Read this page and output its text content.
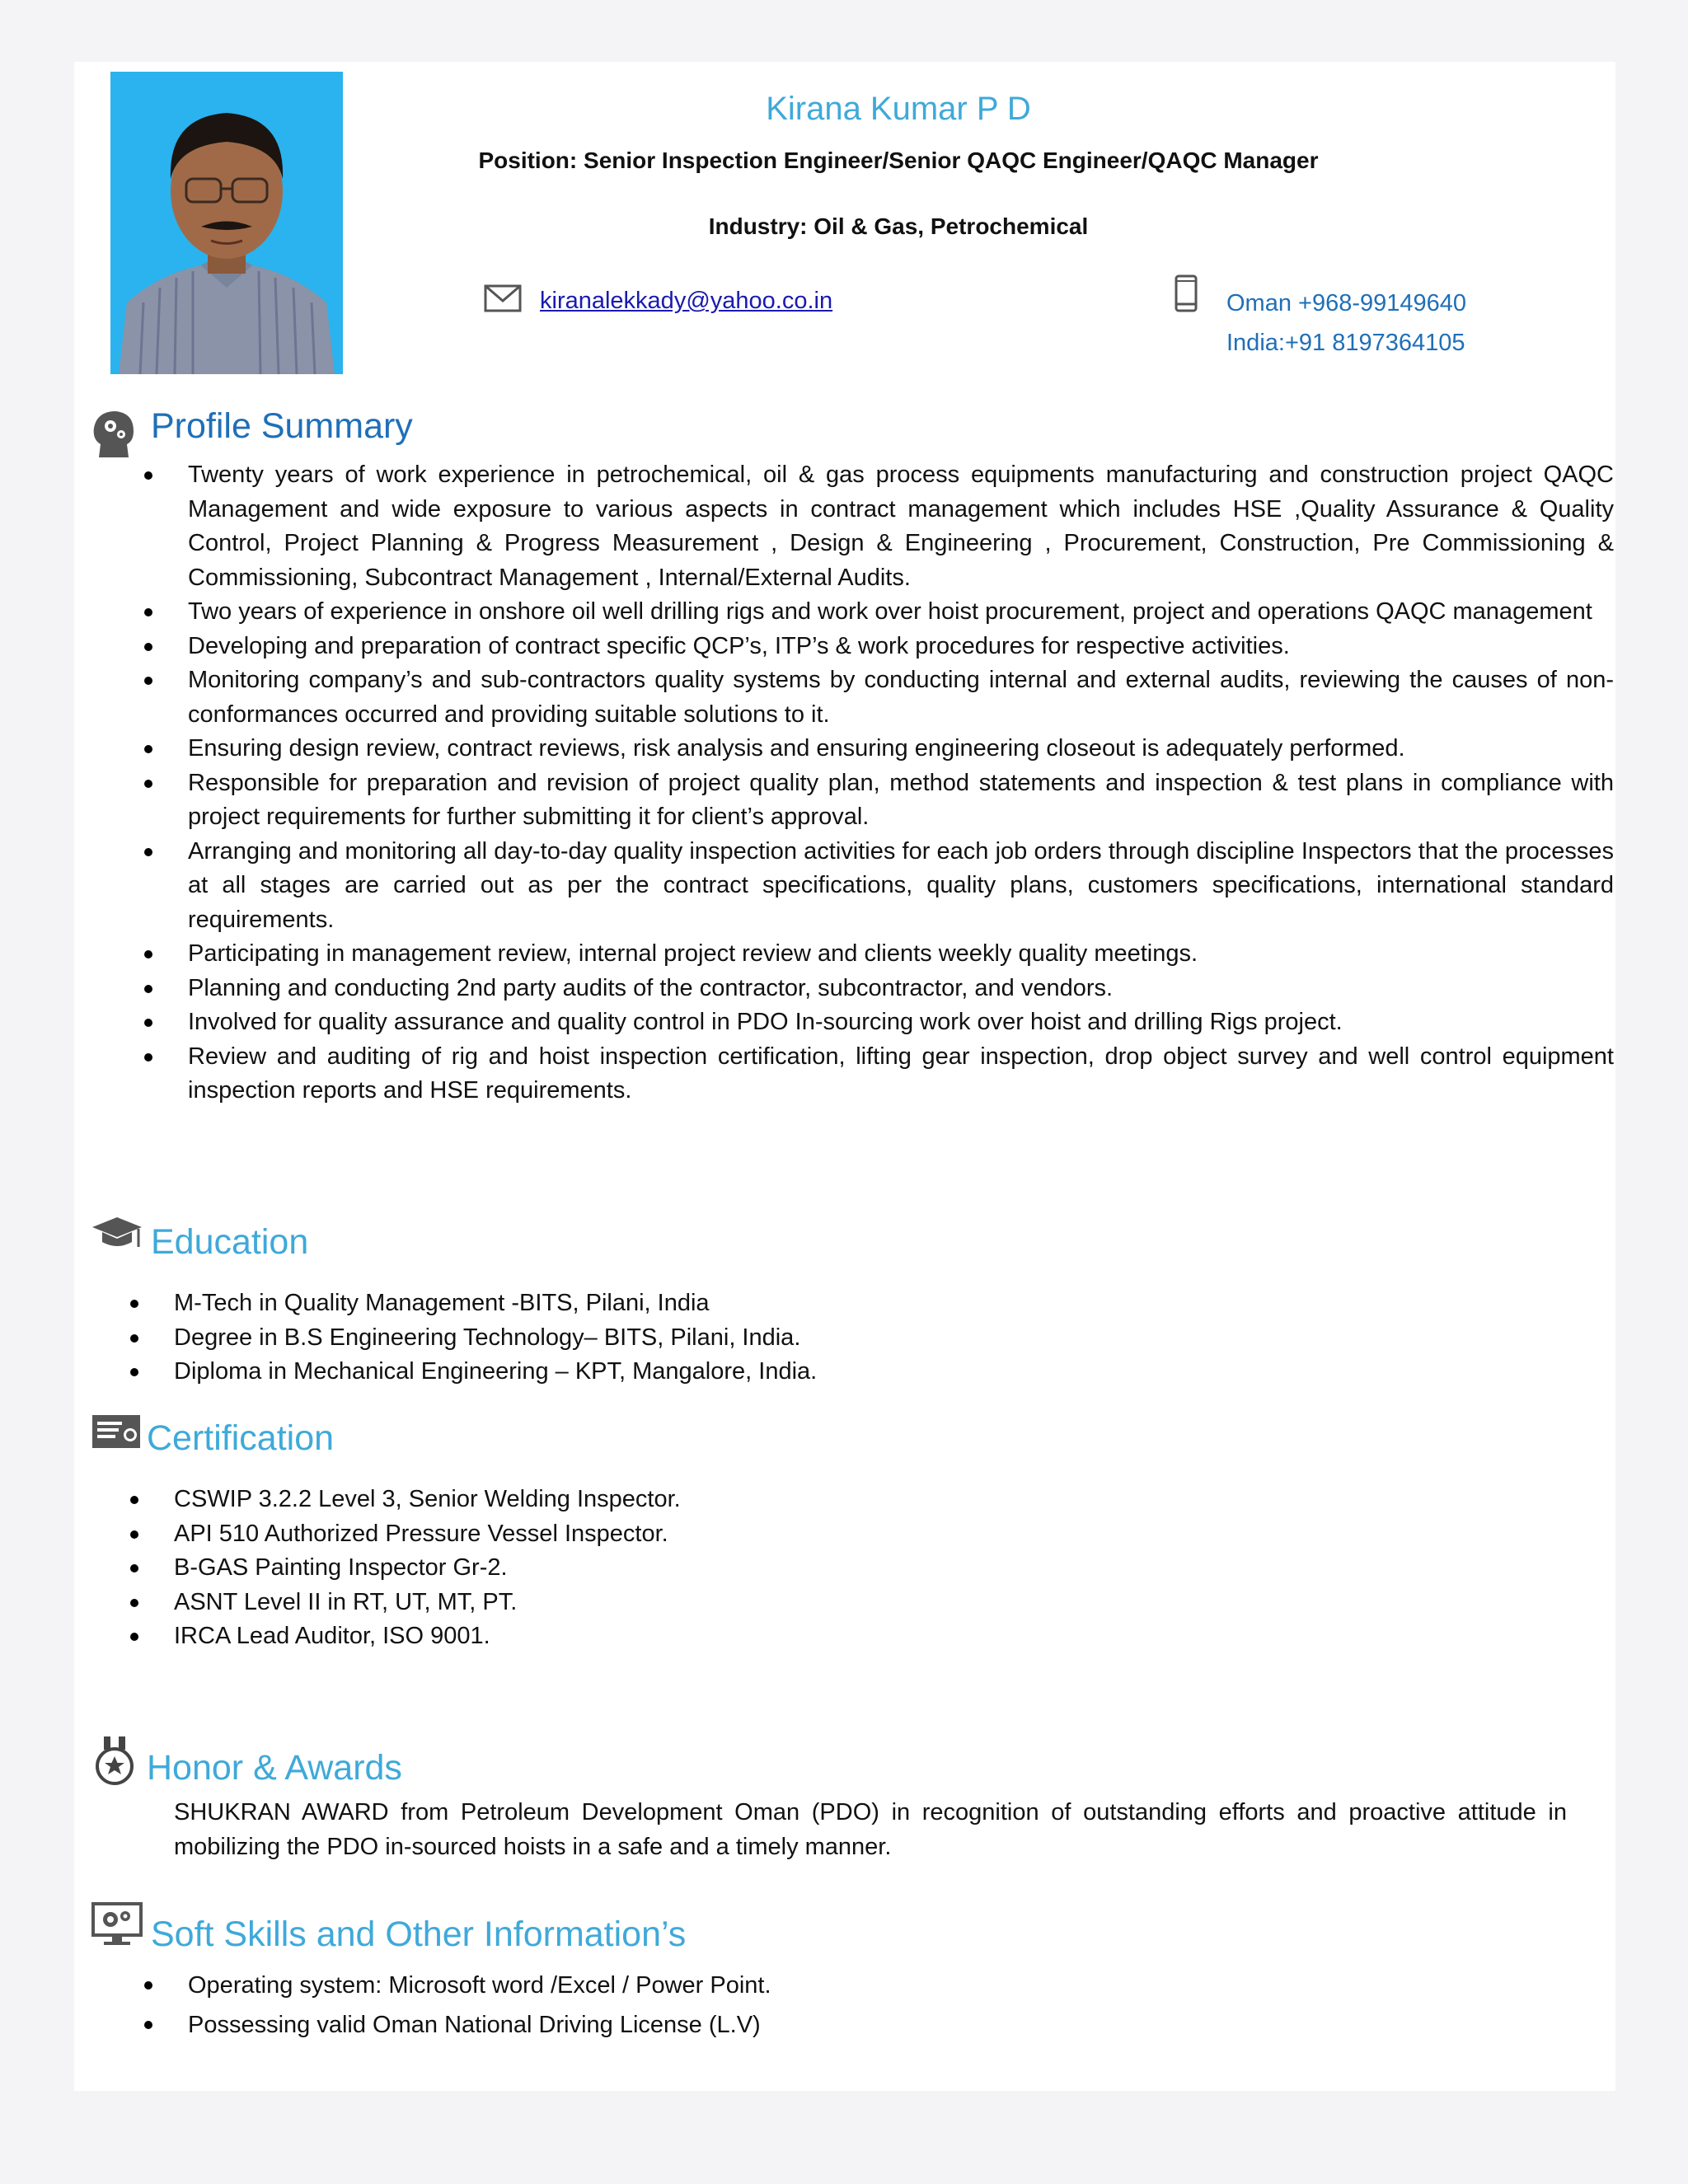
Kirana Kumar P D
Position: Senior Inspection Engineer/Senior QAQC Engineer/QAQC Manager
Industry: Oil & Gas, Petrochemical
kiranalekkady@yahoo.co.in	Oman +968-99149640
India:+91 8197364105
Profile Summary
Twenty years of work experience in petrochemical, oil & gas process equipments manufacturing and construction project QAQC Management and wide exposure to various aspects in contract management which includes HSE ,Quality Assurance & Quality Control, Project Planning & Progress Measurement , Design & Engineering , Procurement, Construction, Pre Commissioning & Commissioning, Subcontract Management , Internal/External Audits.
Two years of experience in onshore oil well drilling rigs and work over hoist procurement, project and operations QAQC management
Developing and preparation of contract specific QCP’s, ITP’s & work procedures for respective activities.
Monitoring company’s and sub-contractors quality systems by conducting internal and external audits, reviewing the causes of non-conformances occurred and providing suitable solutions to it.
Ensuring design review, contract reviews, risk analysis and ensuring engineering closeout is adequately performed.
Responsible for preparation and revision of project quality plan, method statements and inspection & test plans in compliance with project requirements for further submitting it for client’s approval.
Arranging and monitoring all day-to-day quality inspection activities for each job orders through discipline Inspectors that the processes at all stages are carried out as per the contract specifications, quality plans, customers specifications, international standard requirements.
Participating in management review, internal project review and clients weekly quality meetings.
Planning and conducting 2nd party audits of the contractor, subcontractor, and vendors.
Involved for quality assurance and quality control in PDO In-sourcing work over hoist and drilling Rigs project.
Review and auditing of rig and hoist inspection certification, lifting gear inspection, drop object survey and well control equipment inspection reports and HSE requirements.
Education
M-Tech in Quality Management -BITS, Pilani, India
Degree in B.S Engineering Technology– BITS, Pilani, India.
Diploma in Mechanical Engineering – KPT, Mangalore, India.
Certification
CSWIP 3.2.2 Level 3, Senior Welding Inspector.
API 510 Authorized Pressure Vessel Inspector.
B-GAS Painting Inspector Gr-2.
ASNT Level II in RT, UT, MT, PT.
IRCA Lead Auditor, ISO 9001.
Honor & Awards
SHUKRAN AWARD from Petroleum Development Oman (PDO) in recognition of outstanding efforts and proactive attitude in mobilizing the PDO in-sourced hoists in a safe and a timely manner.
Soft Skills and Other Information’s
Operating system: Microsoft word /Excel / Power Point.
Possessing valid Oman National Driving License (L.V)
